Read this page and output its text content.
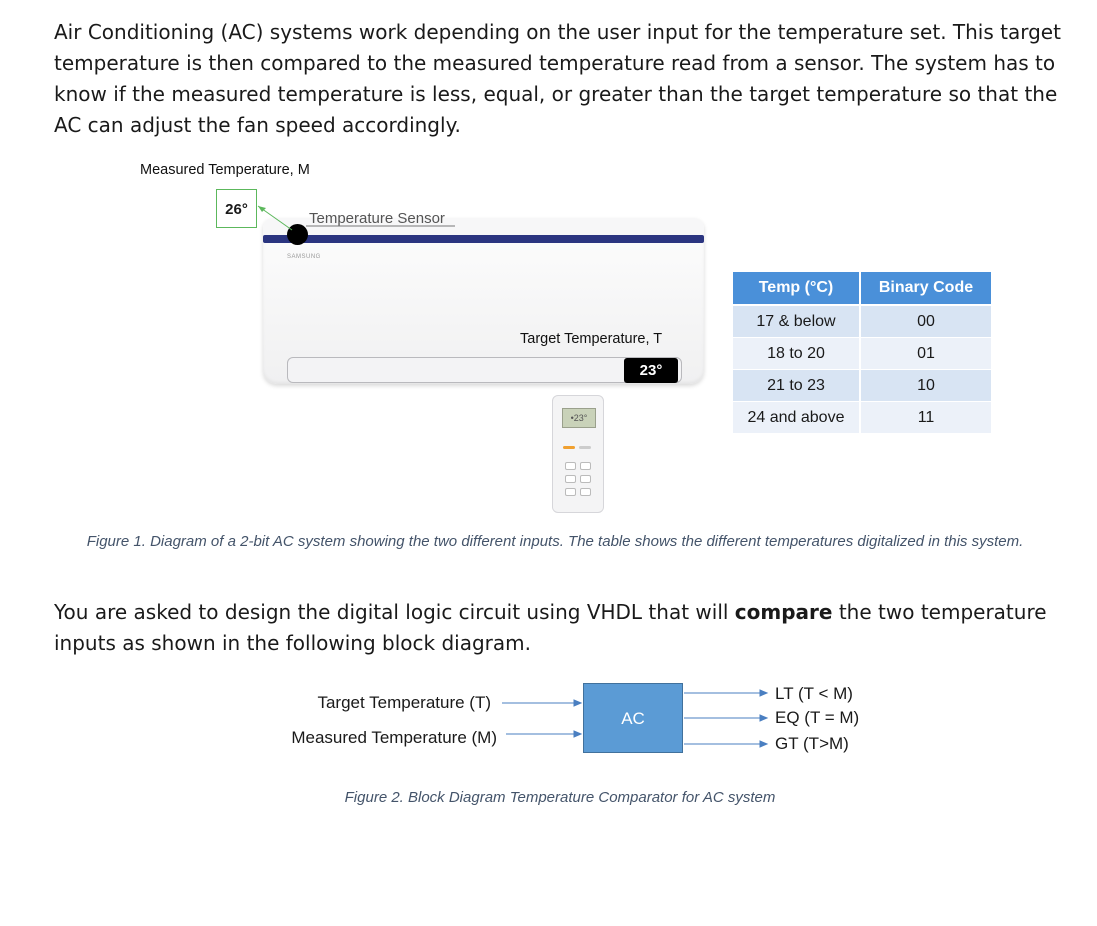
Air Conditioning (AC) systems work depending on the user input for the temperature set. This target temperature is then compared to the measured temperature read from a sensor. The system has to know if the measured temperature is less, equal, or greater than the target temperature so that the AC can adjust the fan speed accordingly.

Measured Temperature, M
SAMSUNG
26°
Temperature Sensor
Target Temperature, T
23°
•23°
Temp (°C)	Binary Code
17 & below	00
18 to 20	01
21 to 23	10
24 and above	11
Figure 1. Diagram of a 2-bit AC system showing the two different inputs. The table shows the different temperatures digitalized in this system.

You are asked to design the digital logic circuit using VHDL that will compare the two temperature inputs as shown in the following block diagram.

Target Temperature (T)
Measured Temperature (M)
AC
LT (T < M)
EQ (T = M)
GT (T>M)
Figure 2. Block Diagram Temperature Comparator for AC system
